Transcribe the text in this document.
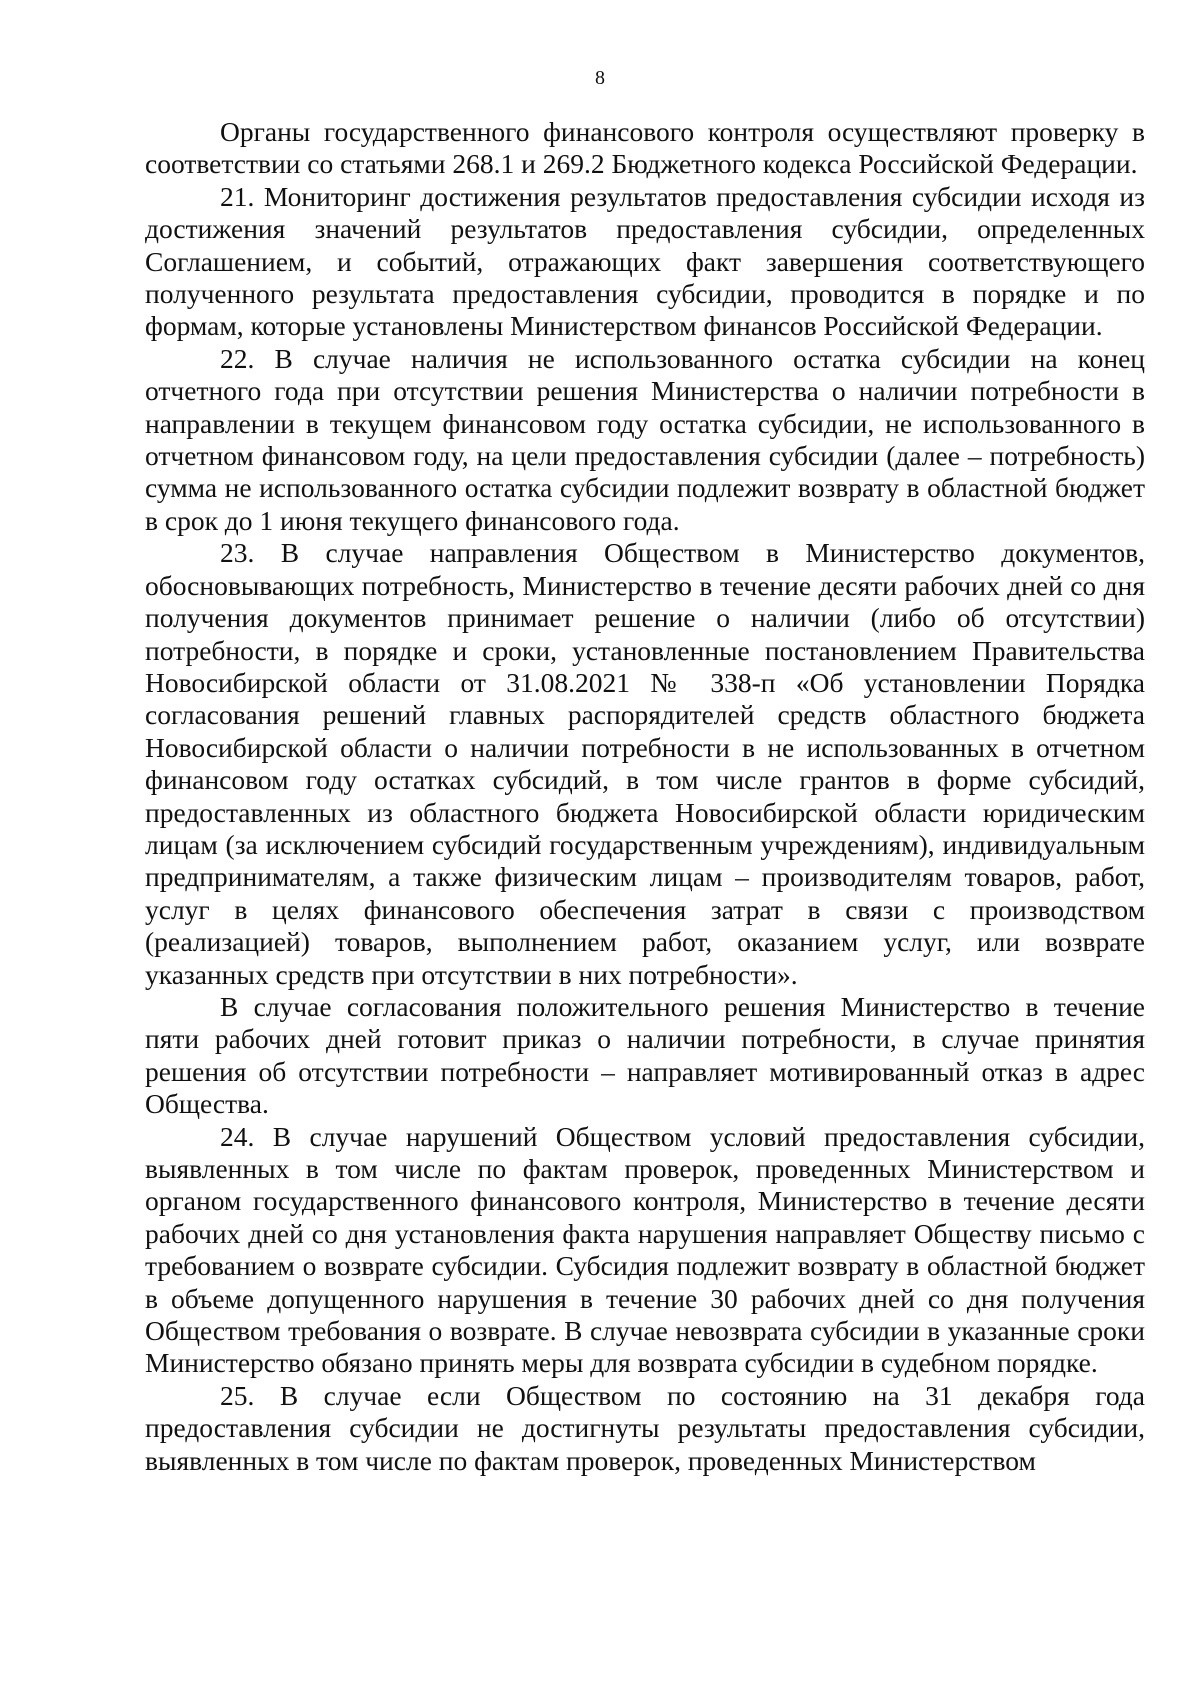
8

Органы государственного финансового контроля осуществляют проверку в соответствии со статьями 268.1 и 269.2 Бюджетного кодекса Российской Федерации.

21. Мониторинг достижения результатов предоставления субсидии исходя из достижения значений результатов предоставления субсидии, определенных Соглашением, и событий, отражающих факт завершения соответствующего полученного результата предоставления субсидии, проводится в порядке и по формам, которые установлены Министерством финансов Российской Федерации.

22. В случае наличия не использованного остатка субсидии на конец отчетного года при отсутствии решения Министерства о наличии потребности в направлении в текущем финансовом году остатка субсидии, не использованного в отчетном финансовом году, на цели предоставления субсидии (далее – потребность) сумма не использованного остатка субсидии подлежит возврату в областной бюджет в срок до 1 июня текущего финансового года.

23. В случае направления Обществом в Министерство документов, обосновывающих потребность, Министерство в течение десяти рабочих дней со дня получения документов принимает решение о наличии (либо об отсутствии) потребности, в порядке и сроки, установленные постановлением Правительства Новосибирской области от 31.08.2021 № 338-п «Об установлении Порядка согласования решений главных распорядителей средств областного бюджета Новосибирской области о наличии потребности в не использованных в отчетном финансовом году остатках субсидий, в том числе грантов в форме субсидий, предоставленных из областного бюджета Новосибирской области юридическим лицам (за исключением субсидий государственным учреждениям), индивидуальным предпринимателям, а также физическим лицам – производителям товаров, работ, услуг в целях финансового обеспечения затрат в связи с производством (реализацией) товаров, выполнением работ, оказанием услуг, или возврате указанных средств при отсутствии в них потребности».

В случае согласования положительного решения Министерство в течение пяти рабочих дней готовит приказ о наличии потребности, в случае принятия решения об отсутствии потребности – направляет мотивированный отказ в адрес Общества.

24. В случае нарушений Обществом условий предоставления субсидии, выявленных в том числе по фактам проверок, проведенных Министерством и органом государственного финансового контроля, Министерство в течение десяти рабочих дней со дня установления факта нарушения направляет Обществу письмо с требованием о возврате субсидии. Субсидия подлежит возврату в областной бюджет в объеме допущенного нарушения в течение 30 рабочих дней со дня получения Обществом требования о возврате. В случае невозврата субсидии в указанные сроки Министерство обязано принять меры для возврата субсидии в судебном порядке.

25. В случае если Обществом по состоянию на 31 декабря года предоставления субсидии не достигнуты результаты предоставления субсидии, выявленных в том числе по фактам проверок, проведенных Министерством
